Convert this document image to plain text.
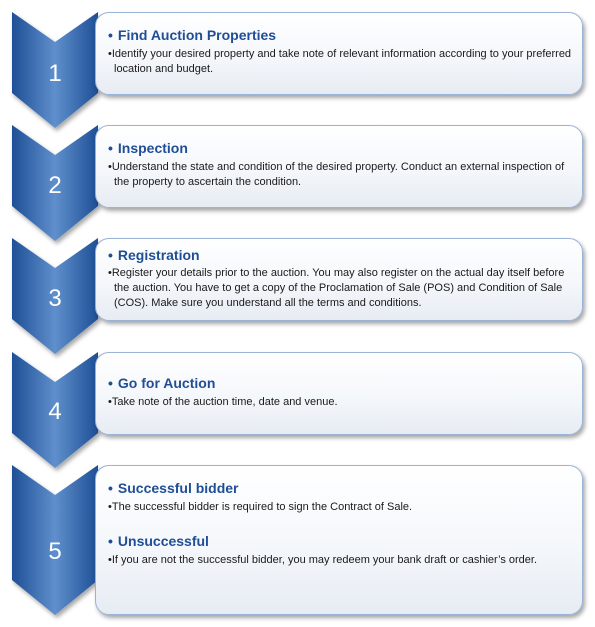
1
2
3
4
5
• Find Auction Properties
•Identify your desired property and take note of relevant information according to your preferred location and budget.
• Inspection
•Understand the state and condition of the desired property. Conduct an external inspection of the property to ascertain the condition.
• Registration
•Register your details prior to the auction. You may also register on the actual day itself before the auction. You have to get a copy of the Proclamation of Sale (POS) and Condition of Sale (COS). Make sure you understand all the terms and conditions.
• Go for Auction
•Take note of the auction time, date and venue.
• Successful bidder
•The successful bidder is required to sign the Contract of Sale.
• Unsuccessful
•If you are not the successful bidder, you may redeem your bank draft or cashier’s order.
